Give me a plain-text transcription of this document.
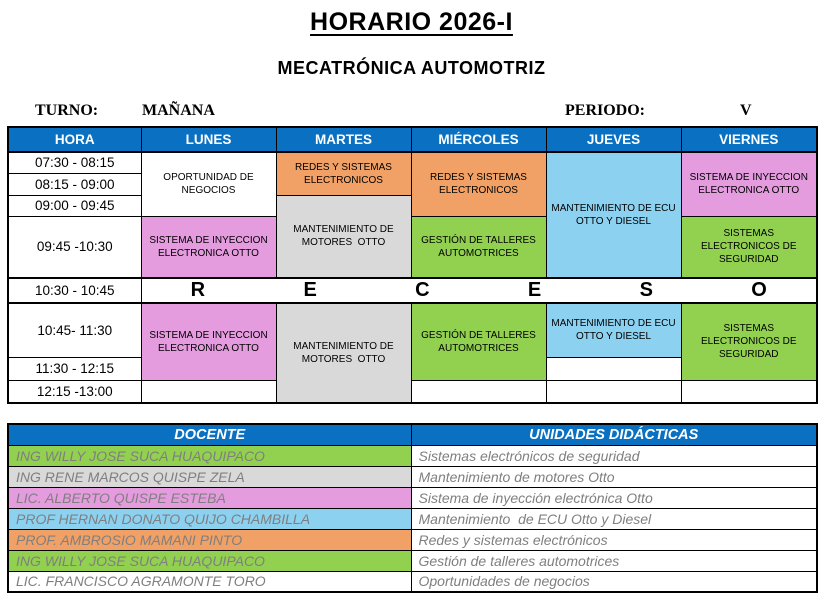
HORARIO 2026-I
MECATRÓNICA AUTOMOTRIZ
TURNO:	MAÑANA	PERIODO:	V
HORA	LUNES	MARTES	MIÉRCOLES	JUEVES	VIERNES
07:30 - 08:15	OPORTUNIDAD DE NEGOCIOS	REDES Y SISTEMAS ELECTRONICOS	REDES Y SISTEMAS ELECTRONICOS	MANTENIMIENTO DE ECU OTTO Y DIESEL	SISTEMA DE INYECCION ELECTRONICA OTTO
08:15 - 09:00					
09:00 - 09:45		MANTENIMIENTO DE MOTORES  OTTO			
09:45 -10:30	SISTEMA DE INYECCION ELECTRONICA OTTO		GESTIÓN DE TALLERES AUTOMOTRICES		SISTEMAS ELECTRONICOS DE SEGURIDAD
10:30 - 10:45	R	E	C	E	S	O

10:45- 11:30	SISTEMA DE INYECCION ELECTRONICA OTTO	MANTENIMIENTO DE MOTORES  OTTO	GESTIÓN DE TALLERES AUTOMOTRICES	MANTENIMIENTO DE ECU OTTO Y DIESEL	SISTEMAS ELECTRONICOS DE SEGURIDAD
11:30 - 12:15					
12:15 -13:00					
DOCENTE	UNIDADES DIDÁCTICAS
ING WILLY JOSE SUCA HUAQUIPACO	Sistemas electrónicos de seguridad
ING RENE MARCOS QUISPE ZELA	Mantenimiento de motores Otto
LIC. ALBERTO QUISPE ESTEBA	Sistema de inyección electrónica Otto
PROF HERNAN DONATO QUIJO CHAMBILLA	Mantenimiento  de ECU Otto y Diesel
PROF. AMBROSIO MAMANI PINTO	Redes y sistemas electrónicos
ING WILLY JOSE SUCA HUAQUIPACO	Gestión de talleres automotrices
LIC. FRANCISCO AGRAMONTE TORO	Oportunidades de negocios
